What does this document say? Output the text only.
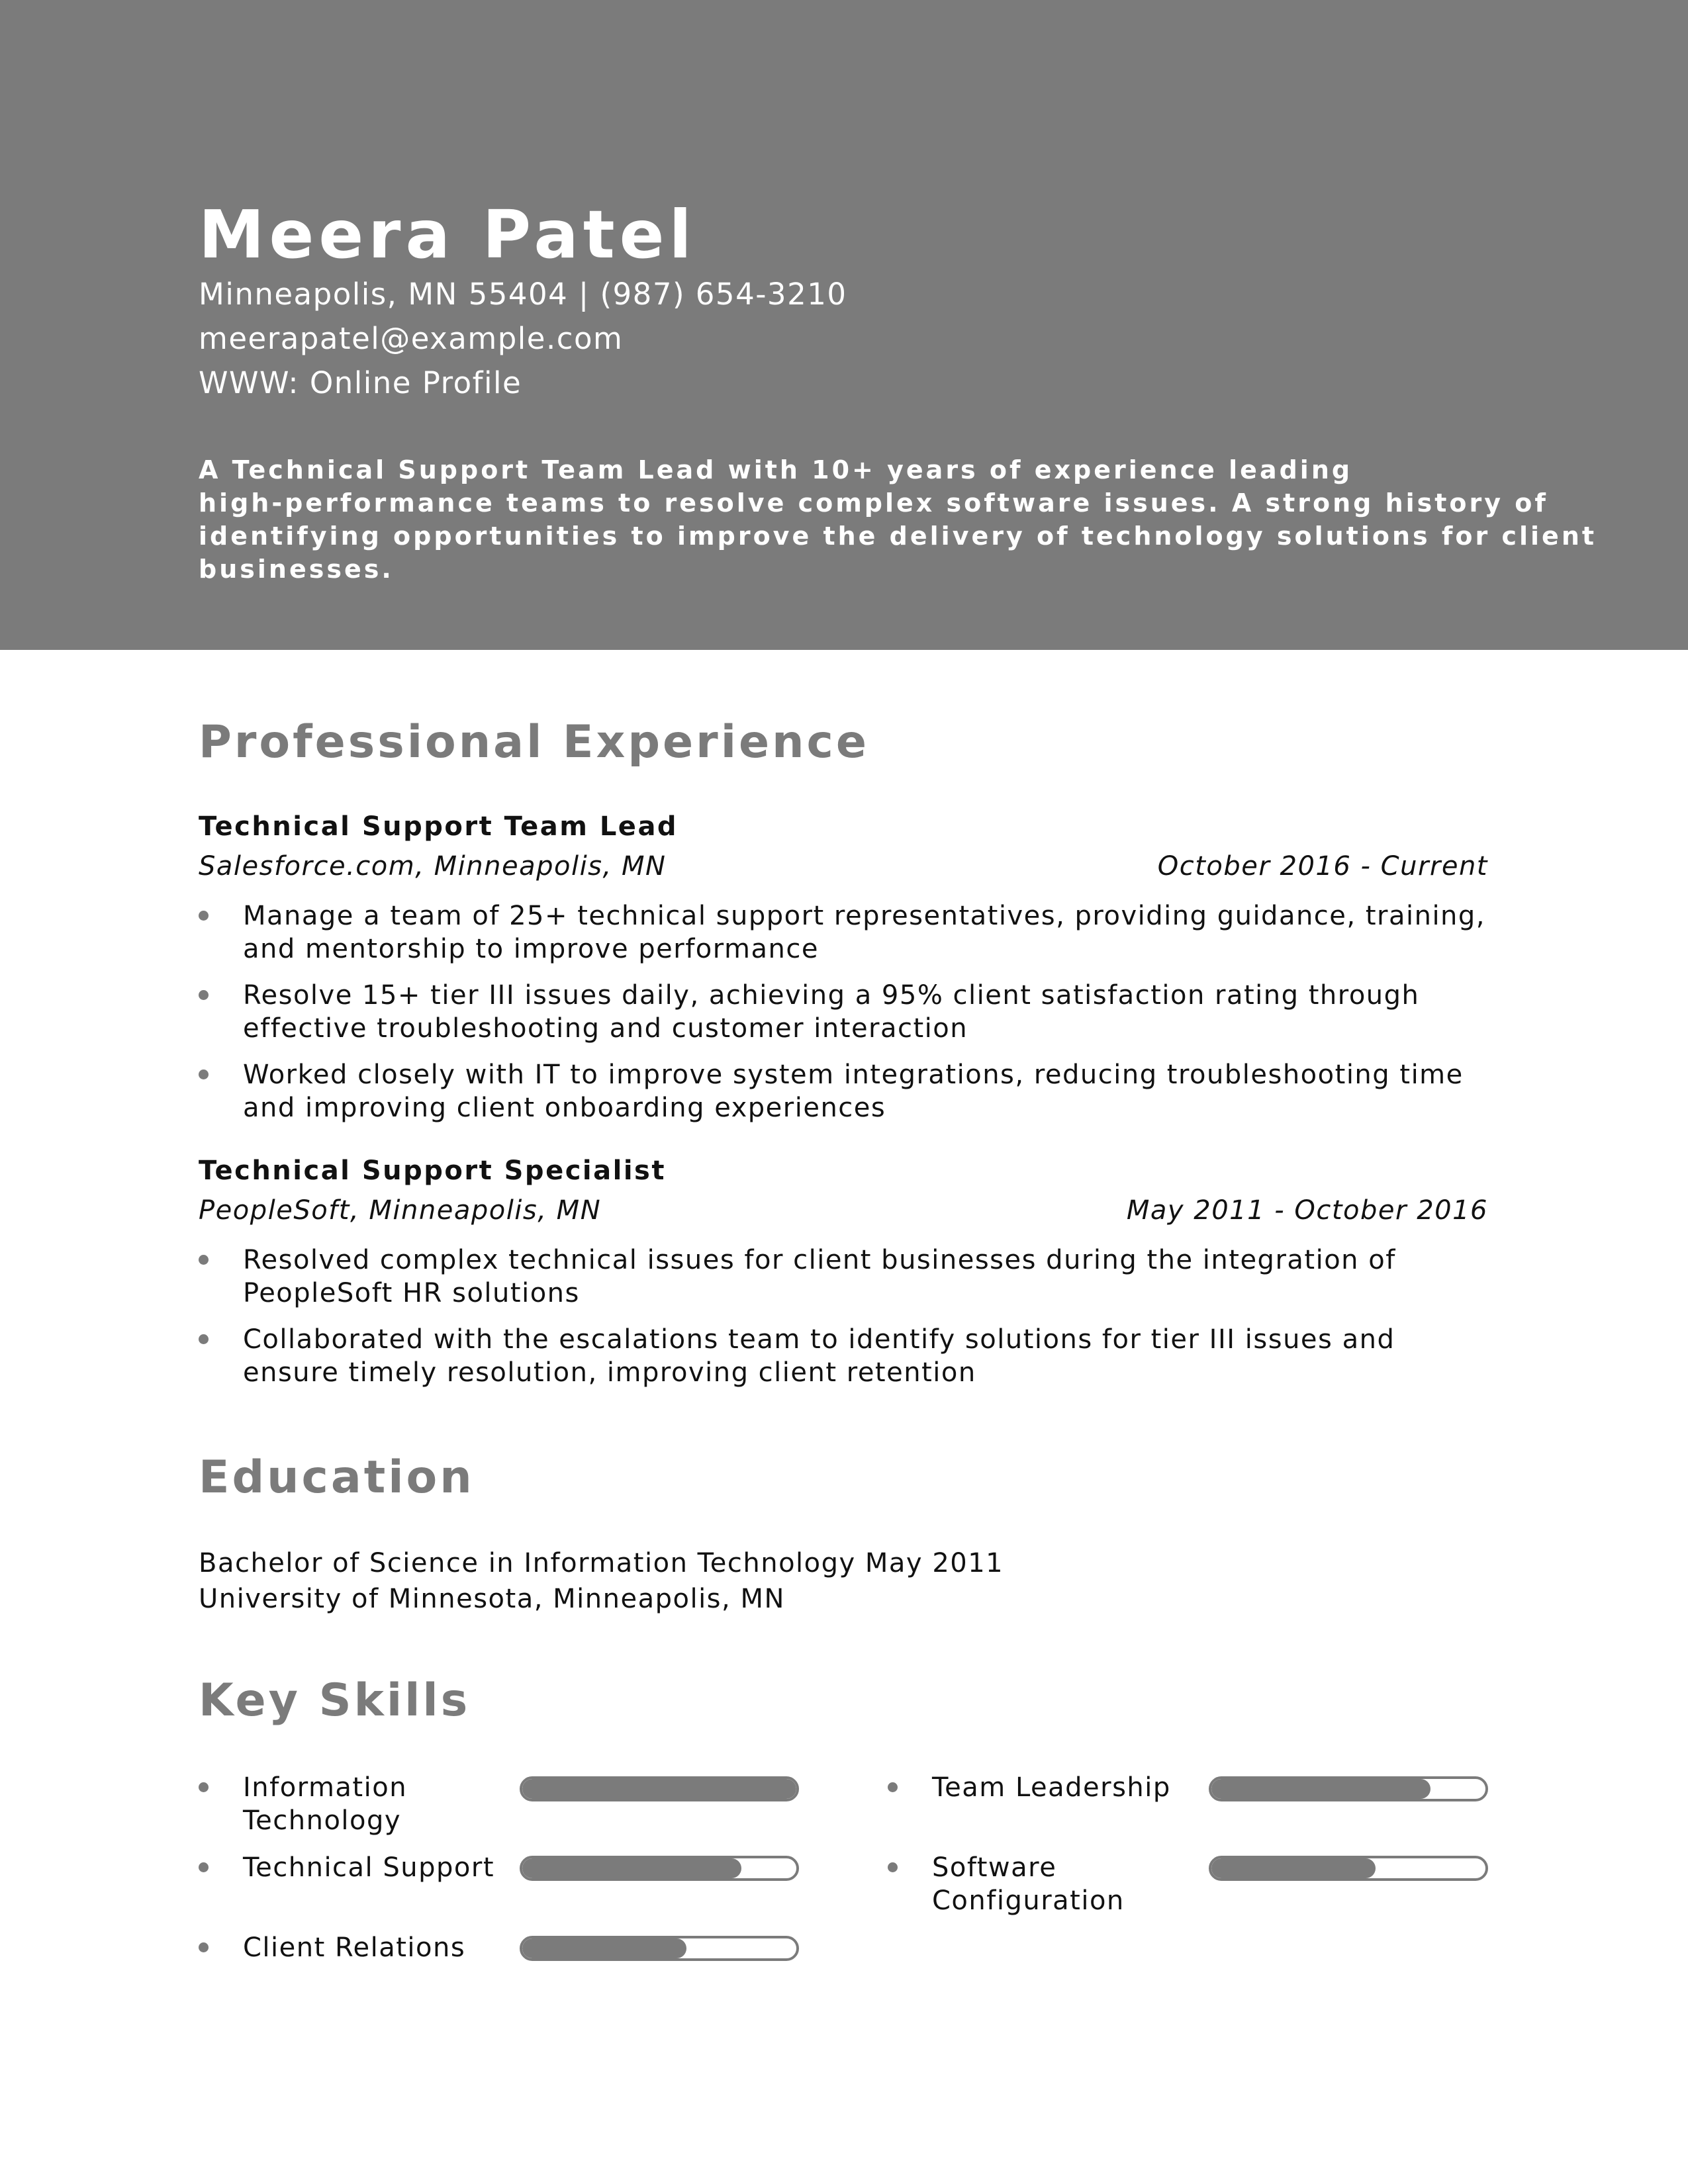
Meera Patel
Minneapolis, MN 55404 | (987) 654-3210
meerapatel@example.com
WWW: Online Profile
A Technical Support Team Lead with 10+ years of experience leading
high-performance teams to resolve complex software issues. A strong history of
identifying opportunities to improve the delivery of technology solutions for client
businesses.
Professional Experience
Technical Support Team Lead
Salesforce.com, Minneapolis, MN	October 2016 - Current
Manage a team of 25+ technical support representatives, providing guidance, training, and mentorship to improve performance
Resolve 15+ tier III issues daily, achieving a 95% client satisfaction rating through effective troubleshooting and customer interaction
Worked closely with IT to improve system integrations, reducing troubleshooting time and improving client onboarding experiences
Technical Support Specialist
PeopleSoft, Minneapolis, MN	May 2011 - October 2016
Resolved complex technical issues for client businesses during the integration of PeopleSoft HR solutions
Collaborated with the escalations team to identify solutions for tier III issues and ensure timely resolution, improving client retention
Education
Bachelor of Science in Information Technology May 2011
University of Minnesota, Minneapolis, MN
Key Skills
Information Technology
Team Leadership
Technical Support	Software Configuration
Client Relations
